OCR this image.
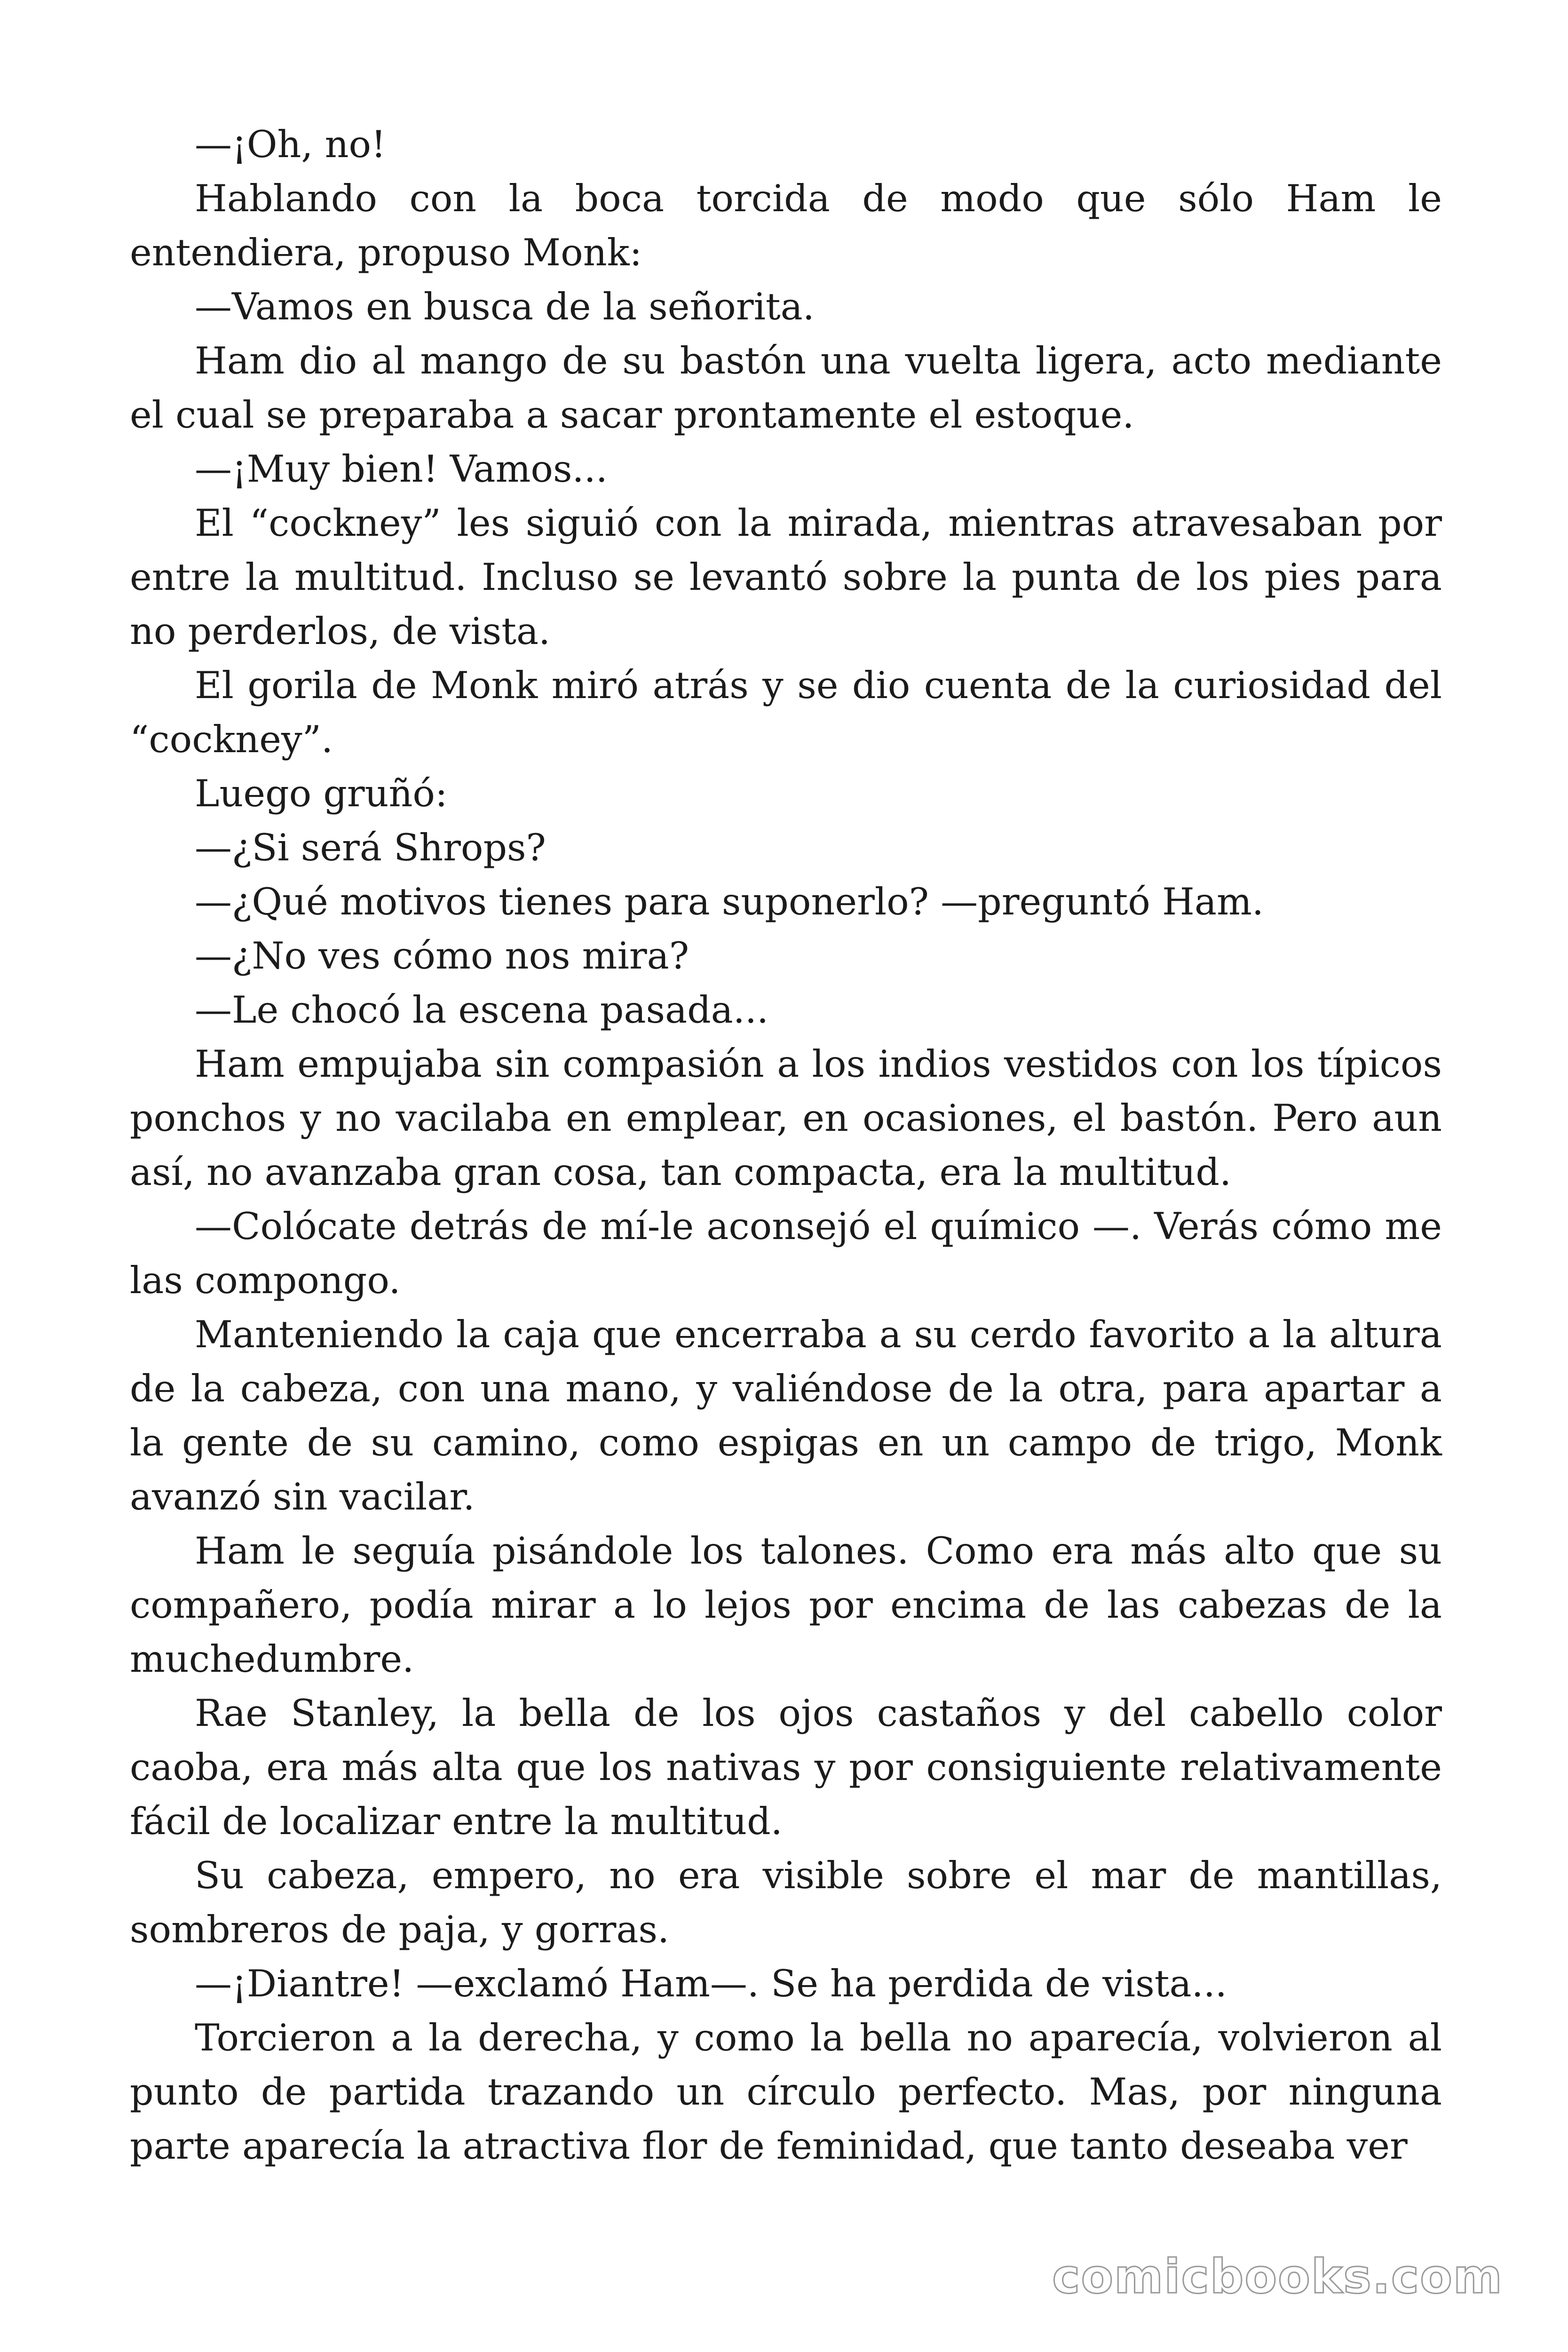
—¡Oh, no!

Hablando con la boca torcida de modo que sólo Ham le entendiera, propuso Monk:

—Vamos en busca de la señorita.

Ham dio al mango de su bastón una vuelta ligera, acto mediante el cual se preparaba a sacar prontamente el estoque.

—¡Muy bien! Vamos...

El “cockney” les siguió con la mirada, mientras atravesaban por entre la multitud. Incluso se levantó sobre la punta de los pies para no perderlos, de vista.

El gorila de Monk miró atrás y se dio cuenta de la curiosidad del “cockney”.

Luego gruñó:

—¿Si será Shrops?

—¿Qué motivos tienes para suponerlo? —preguntó Ham.

—¿No ves cómo nos mira?

—Le chocó la escena pasada...

Ham empujaba sin compasión a los indios vestidos con los típicos ponchos y no vacilaba en emplear, en ocasiones, el bastón. Pero aun así, no avanzaba gran cosa, tan compacta, era la multitud.

—Colócate detrás de mí-le aconsejó el químico —. Verás cómo me las compongo.

Manteniendo la caja que encerraba a su cerdo favorito a la altura de la cabeza, con una mano, y valiéndose de la otra, para apartar a la gente de su camino, como espigas en un campo de trigo, Monk avanzó sin vacilar.

Ham le seguía pisándole los talones. Como era más alto que su compañero, podía mirar a lo lejos por encima de las cabezas de la muchedumbre.

Rae Stanley, la bella de los ojos castaños y del cabello color caoba, era más alta que los nativas y por consiguiente relativamente fácil de localizar entre la multitud.

Su cabeza, empero, no era visible sobre el mar de mantillas, sombreros de paja, y gorras.

—¡Diantre! —exclamó Ham—. Se ha perdida de vista...

Torcieron a la derecha, y como la bella no aparecía, volvieron al punto de partida trazando un círculo perfecto. Mas, por ninguna parte aparecía la atractiva flor de feminidad, que tanto deseaba ver

comicbooks.com
